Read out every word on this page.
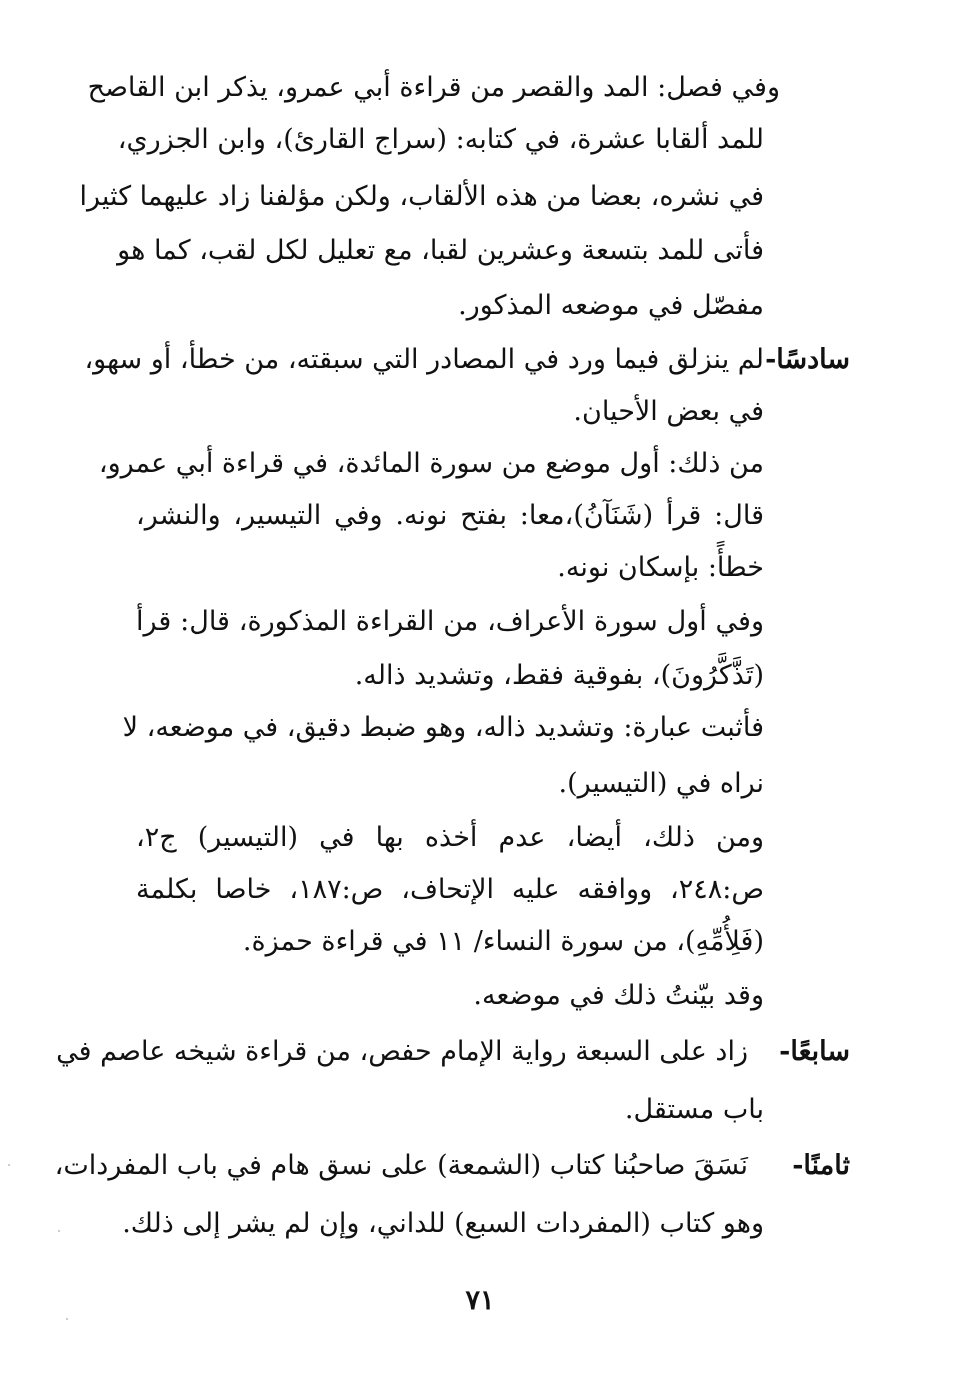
وفي فصل: المد والقصر من قراءة أبي عمرو، يذكر ابن القاصح
للمد ألقابا عشرة، في كتابه: (سراج القارئ)، وابن الجزري،
في نشره، بعضا من هذه الألقاب، ولكن مؤلفنا زاد عليهما كثيرا
فأتى للمد بتسعة وعشرين لقبا، مع تعليل لكل لقب، كما هو
مفصّل في موضعه المذكور.
سادسًا-
لم ينزلق فيما ورد في المصادر التي سبقته، من خطأ، أو سهو،
في بعض الأحيان.
من ذلك: أول موضع من سورة المائدة، في قراءة أبي عمرو،
قال: قرأ (شَنَآنُ)،معا: بفتح نونه. وفي التيسير، والنشر،
خطأً: بإسكان نونه.
وفي أول سورة الأعراف، من القراءة المذكورة، قال: قرأ
(تَذَّكَّرُونَ)، بفوقية فقط، وتشديد ذاله.
فأثبت عبارة: وتشديد ذاله، وهو ضبط دقيق، في موضعه، لا
نراه في (التيسير).
ومن ذلك، أيضا، عدم أخذه بها في (التيسير) ج٢،
ص:٢٤٨، ووافقه عليه الإتحاف، ص:١٨٧، خاصا بكلمة
(فَلِأُمِّهِ)، من سورة النساء/ ١١ في قراءة حمزة.
وقد بيّنتُ ذلك في موضعه.
سابعًا-
زاد على السبعة رواية الإمام حفص، من قراءة شيخه عاصم في
باب مستقل.
ثامنًا-
نَسَقَ صاحبُنا كتاب (الشمعة) على نسق هام في باب المفردات،
وهو كتاب (المفردات السبع) للداني، وإن لم يشر إلى ذلك.
٧١
